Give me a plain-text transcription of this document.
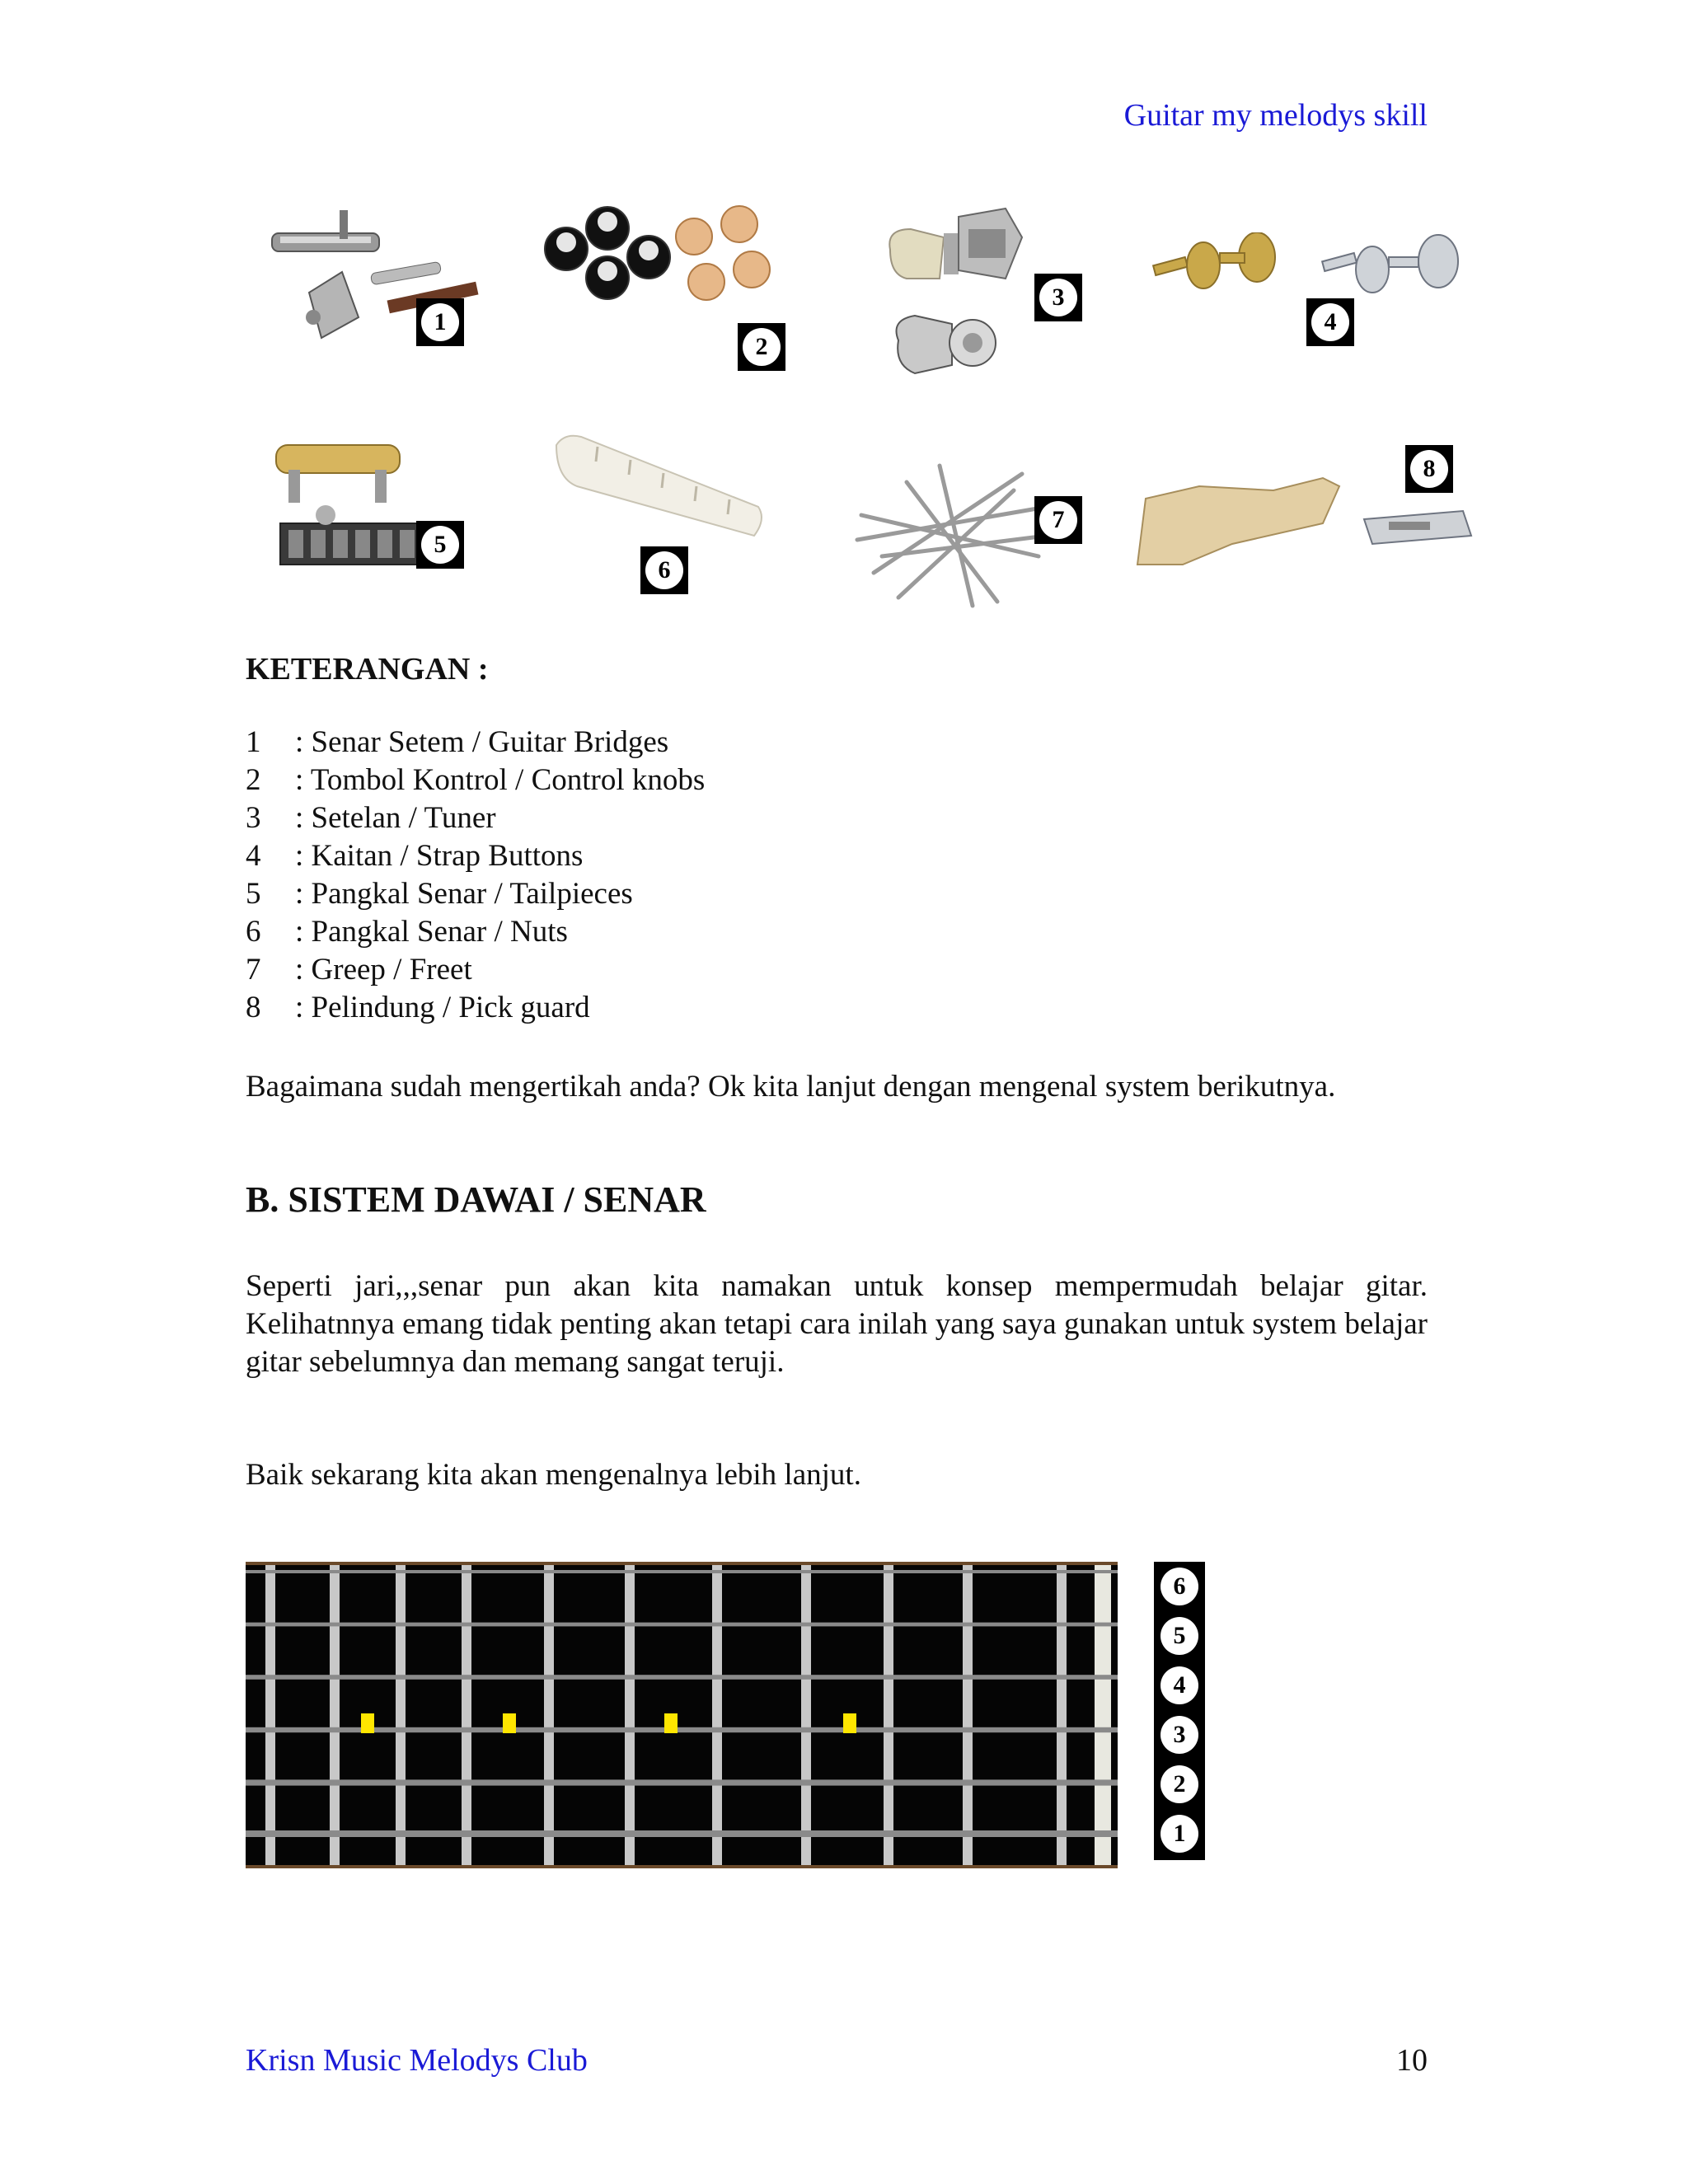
Guitar my melodys skill
1
2
3
4
5
6
7
8
KETERANGAN :
1	: Senar Setem / Guitar Bridges
2	: Tombol Kontrol / Control knobs
3	: Setelan / Tuner
4	: Kaitan / Strap Buttons
5	: Pangkal Senar / Tailpieces
6	: Pangkal Senar / Nuts
7	: Greep / Freet
8	: Pelindung / Pick guard
Bagaimana sudah mengertikah anda? Ok kita lanjut dengan mengenal system berikutnya.
B. SISTEM DAWAI / SENAR
Seperti jari,,,senar pun akan kita namakan untuk konsep mempermudah belajar gitar. Kelihatnnya emang tidak penting akan tetapi cara inilah yang saya gunakan untuk system belajar gitar sebelumnya dan memang sangat teruji.
Baik sekarang kita akan mengenalnya lebih lanjut.
6
5
4
3
2
1
Krisn Music Melodys Club	10
